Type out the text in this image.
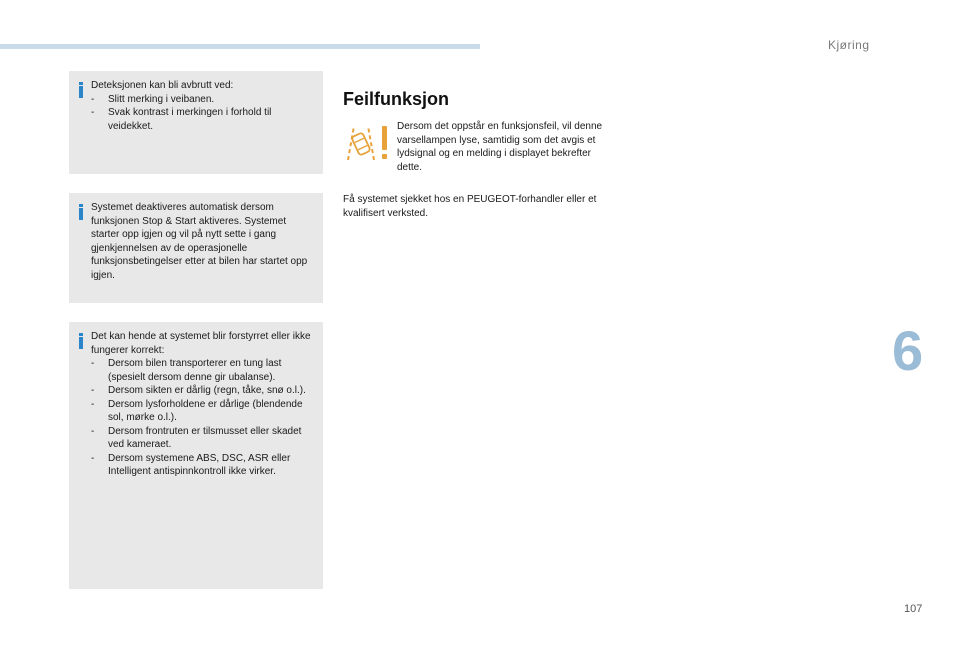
Kjøring
6
107

Deteksjonen kan bli avbrutt ved:

- Slitt merking i veibanen.
- Svak kontrast i merkingen i forhold til veidekket.

Systemet deaktiveres automatisk dersom funksjonen Stop & Start aktiveres. Systemet starter opp igjen og vil på nytt sette i gang gjenkjennelsen av de operasjonelle funksjonsbetingelser etter at bilen har startet opp igjen.

Det kan hende at systemet blir forstyrret eller ikke fungerer korrekt:

- Dersom bilen transporterer en tung last (spesielt dersom denne gir ubalanse).
- Dersom sikten er dårlig (regn, tåke, snø o.l.).
- Dersom lysforholdene er dårlige (blendende sol, mørke o.l.).
- Dersom frontruten er tilsmusset eller skadet ved kameraet.
- Dersom systemene ABS, DSC, ASR eller Intelligent antispinnkontroll ikke virker.
Feilfunksjon

Dersom det oppstår en funksjonsfeil, vil denne varsellampen lyse, samtidig som det avgis et lydsignal og en melding i displayet bekrefter dette.

Få systemet sjekket hos en PEUGEOT-forhandler eller et kvalifisert verksted.
